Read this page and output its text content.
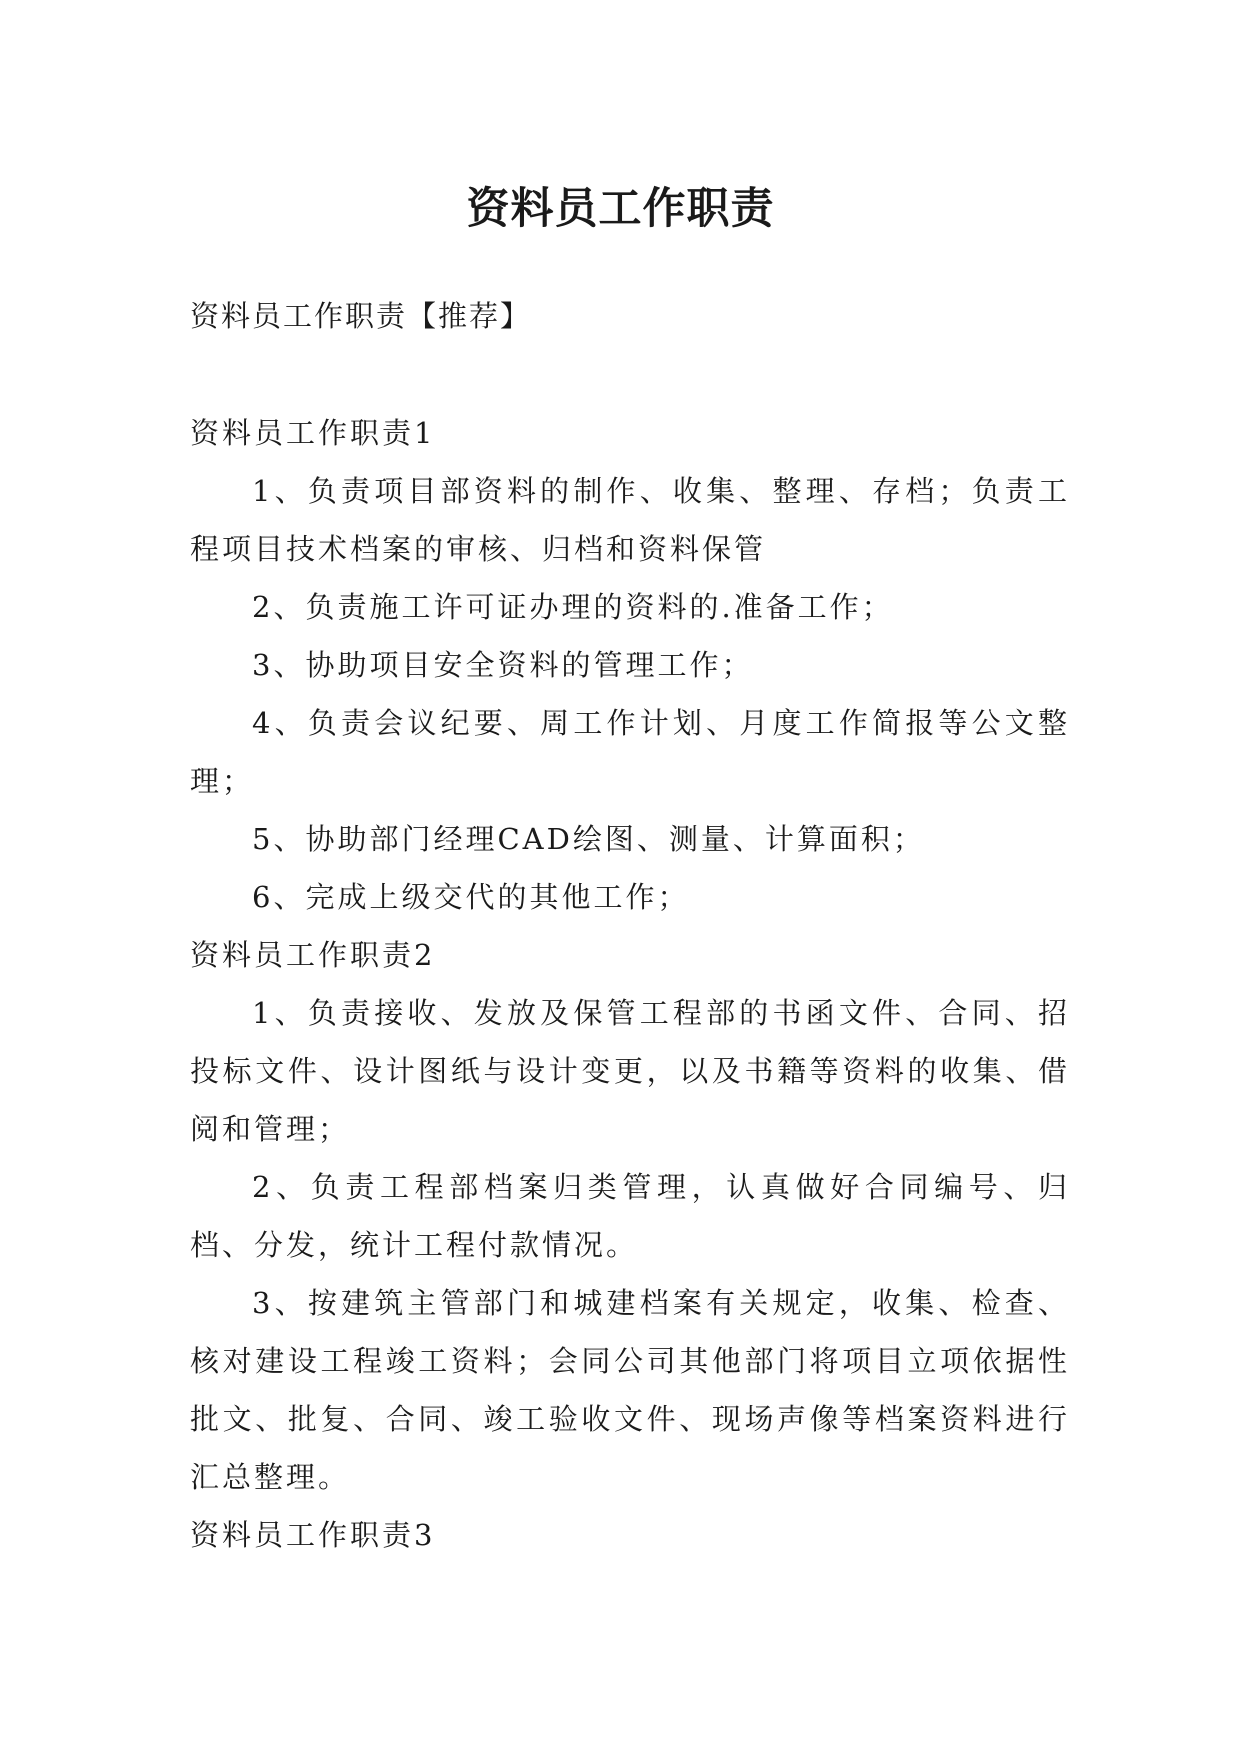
资料员工作职责
资料员工作职责【推荐】
资料员工作职责1

1、负责项目部资料的制作、收集、整理、存档；负责工程项目技术档案的审核、归档和资料保管

2、负责施工许可证办理的资料的.准备工作；

3、协助项目安全资料的管理工作；

4、负责会议纪要、周工作计划、月度工作简报等公文整理；

5、协助部门经理CAD绘图、测量、计算面积；

6、完成上级交代的其他工作；

资料员工作职责2

1、负责接收、发放及保管工程部的书函文件、合同、招投标文件、设计图纸与设计变更，以及书籍等资料的收集、借阅和管理；

2、负责工程部档案归类管理，认真做好合同编号、归档、分发，统计工程付款情况。

3、按建筑主管部门和城建档案有关规定，收集、检查、核对建设工程竣工资料；会同公司其他部门将项目立项依据性批文、批复、合同、竣工验收文件、现场声像等档案资料进行汇总整理。

资料员工作职责3
